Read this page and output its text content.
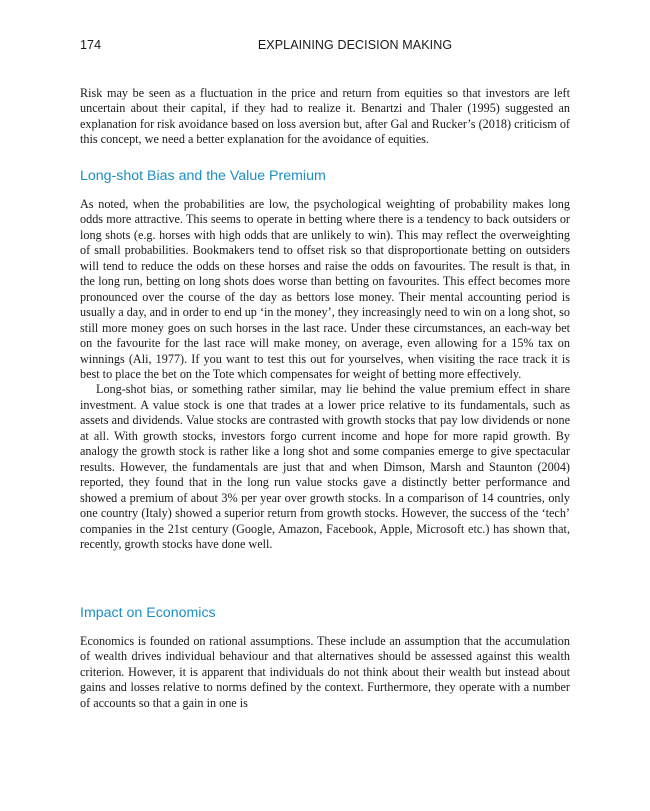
174	EXPLAINING DECISION MAKING

Risk may be seen as a fluctuation in the price and return from equities so that investors are left uncertain about their capital, if they had to realize it. Benartzi and Thaler (1995) suggested an explanation for risk avoidance based on loss aversion but, after Gal and Rucker’s (2018) criticism of this concept, we need a better explanation for the avoidance of equities.

Long-shot Bias and the Value Premium

As noted, when the probabilities are low, the psychological weighting of probability makes long odds more attractive. This seems to operate in betting where there is a tendency to back outsiders or long shots (e.g. horses with high odds that are unlikely to win). This may reflect the overweighting of small probabilities. Bookmakers tend to offset risk so that disproportionate betting on outsiders will tend to reduce the odds on these horses and raise the odds on favourites. The result is that, in the long run, betting on long shots does worse than betting on favourites. This effect becomes more pronounced over the course of the day as bettors lose money. Their mental accounting period is usually a day, and in order to end up ‘in the money’, they increasingly need to win on a long shot, so still more money goes on such horses in the last race. Under these circumstances, an each-way bet on the favourite for the last race will make money, on average, even allowing for a 15% tax on winnings (Ali, 1977). If you want to test this out for yourselves, when visiting the race track it is best to place the bet on the Tote which compensates for weight of betting more effectively.

Long-shot bias, or something rather similar, may lie behind the value premium effect in share investment. A value stock is one that trades at a lower price relative to its fundamentals, such as assets and dividends. Value stocks are contrasted with growth stocks that pay low dividends or none at all. With growth stocks, investors forgo current income and hope for more rapid growth. By analogy the growth stock is rather like a long shot and some companies emerge to give spectacular results. However, the fundamentals are just that and when Dimson, Marsh and Staunton (2004) reported, they found that in the long run value stocks gave a distinctly better performance and showed a premium of about 3% per year over growth stocks. In a comparison of 14 countries, only one country (Italy) showed a superior return from growth stocks. However, the success of the ‘tech’ companies in the 21st century (Google, Amazon, Facebook, Apple, Microsoft etc.) has shown that, recently, growth stocks have done well.

Impact on Economics

Economics is founded on rational assumptions. These include an assumption that the accumulation of wealth drives individual behaviour and that alternatives should be assessed against this wealth criterion. However, it is apparent that individuals do not think about their wealth but instead about gains and losses relative to norms defined by the context. Furthermore, they operate with a number of accounts so that a gain in one is
